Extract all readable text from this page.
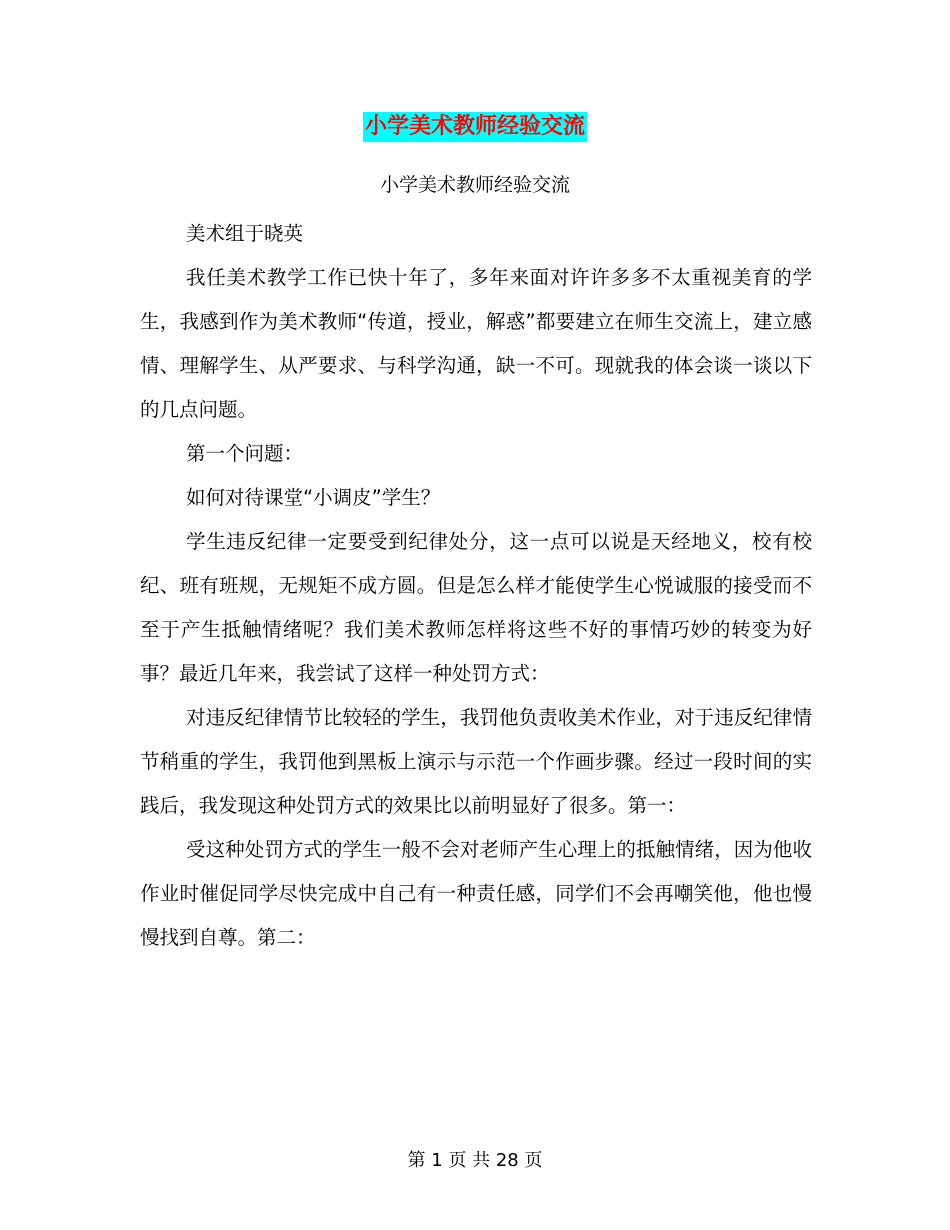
小学美术教师经验交流
小学美术教师经验交流

美术组于晓英

我任美术教学工作已快十年了，多年来面对许许多多不太重视美育的学生，我感到作为美术教师“传道，授业，解惑”都要建立在师生交流上，建立感情、理解学生、从严要求、与科学沟通，缺一不可。现就我的体会谈一谈以下的几点问题。

第一个问题：

如何对待课堂“小调皮”学生？

学生违反纪律一定要受到纪律处分，这一点可以说是天经地义，校有校纪、班有班规，无规矩不成方圆。但是怎么样才能使学生心悦诚服的接受而不至于产生抵触情绪呢？我们美术教师怎样将这些不好的事情巧妙的转变为好事？最近几年来，我尝试了这样一种处罚方式：

对违反纪律情节比较轻的学生，我罚他负责收美术作业，对于违反纪律情节稍重的学生，我罚他到黑板上演示与示范一个作画步骤。经过一段时间的实践后，我发现这种处罚方式的效果比以前明显好了很多。第一：

受这种处罚方式的学生一般不会对老师产生心理上的抵触情绪，因为他收作业时催促同学尽快完成中自己有一种责任感，同学们不会再嘲笑他，他也慢慢找到自尊。第二：

第 1 页 共 28 页
